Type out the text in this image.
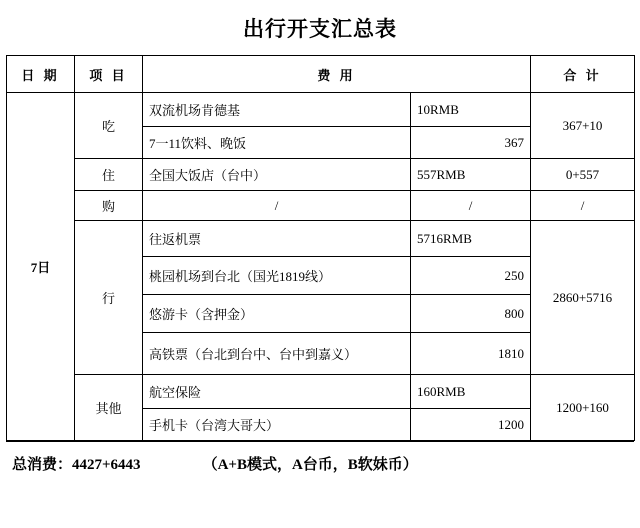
出行开支汇总表
日 期	项 目	费 用		合 计
7日	吃	双流机场肯德基	10RMB	367+10
		7一11饮料、晚饭	367	
	住	全国大饭店（台中）	557RMB	0+557
	购	/	/	/
	行	往返机票	5716RMB	2860+5716
		桃园机场到台北（国光1819线）	250	
		悠游卡（含押金）	800	
		高铁票（台北到台中、台中到嘉义）	1810	
	其他	航空保险	160RMB	1200+160
		手机卡（台湾大哥大）	1200	
总消费：4427+6443	（A+B模式，A台币，B软妹币）
